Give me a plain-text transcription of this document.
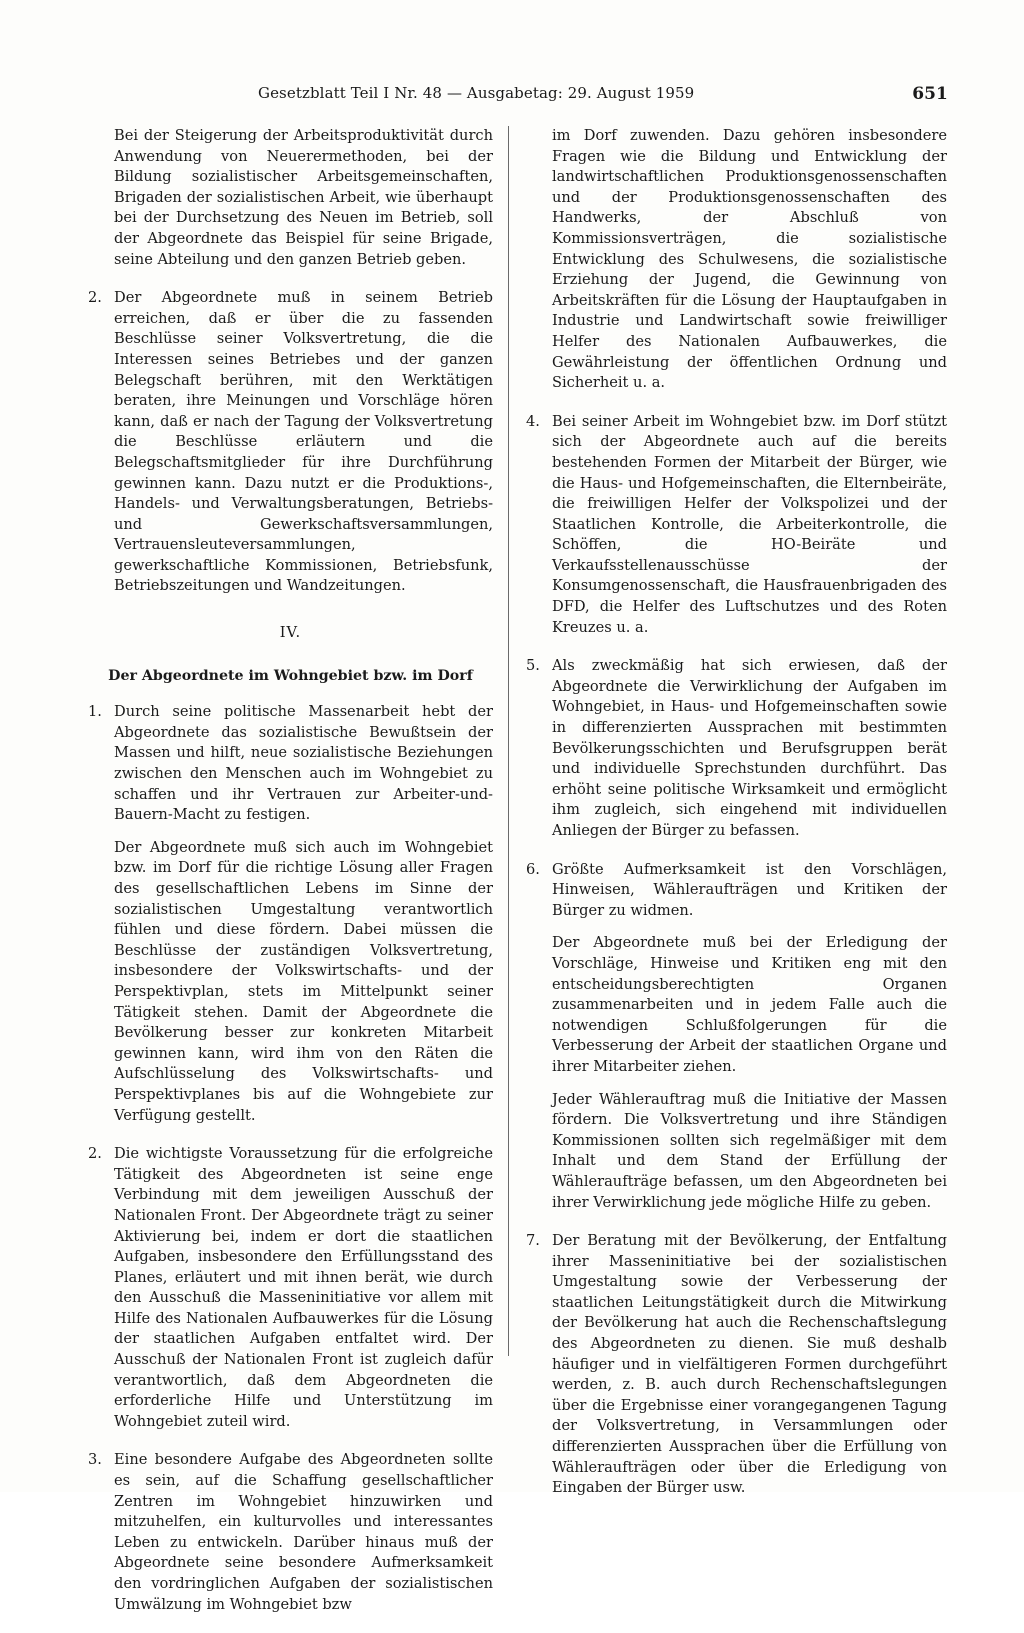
Gesetzblatt Teil I Nr. 48 — Ausgabetag: 29. August 1959	651

Bei der Steigerung der Arbeitsproduktivität durch Anwendung von Neuerermethoden, bei der Bildung sozialistischer Arbeitsgemeinschaften, Brigaden der sozialistischen Arbeit, wie überhaupt bei der Durchsetzung des Neuen im Betrieb, soll der Abgeordnete das Beispiel für seine Brigade, seine Abteilung und den ganzen Betrieb geben.

2. Der Abgeordnete muß in seinem Betrieb erreichen, daß er über die zu fassenden Beschlüsse seiner Volksvertretung, die die Interessen seines Betriebes und der ganzen Belegschaft berühren, mit den Werktätigen beraten, ihre Meinungen und Vorschläge hören kann, daß er nach der Tagung der Volksvertretung die Beschlüsse erläutern und die Belegschaftsmitglieder für ihre Durchführung gewinnen kann. Dazu nutzt er die Produktions-, Handels- und Verwaltungsberatungen, Betriebs- und Gewerkschaftsversammlungen, Vertrauensleuteversammlungen, gewerkschaftliche Kommissionen, Betriebsfunk, Betriebszeitungen und Wandzeitungen.

IV.
Der Abgeordnete im Wohngebiet bzw. im Dorf
1. Durch seine politische Massenarbeit hebt der Abgeordnete das sozialistische Bewußtsein der Massen und hilft, neue sozialistische Beziehungen zwischen den Menschen auch im Wohngebiet zu schaffen und ihr Vertrauen zur Arbeiter-und-Bauern-Macht zu festigen.

Der Abgeordnete muß sich auch im Wohngebiet bzw. im Dorf für die richtige Lösung aller Fragen des gesellschaftlichen Lebens im Sinne der sozialistischen Umgestaltung verantwortlich fühlen und diese fördern. Dabei müssen die Beschlüsse der zuständigen Volksvertretung, insbesondere der Volkswirtschafts- und der Perspektivplan, stets im Mittelpunkt seiner Tätigkeit stehen. Damit der Abgeordnete die Bevölkerung besser zur konkreten Mitarbeit gewinnen kann, wird ihm von den Räten die Aufschlüsselung des Volkswirtschafts- und Perspektivplanes bis auf die Wohngebiete zur Verfügung gestellt.

2. Die wichtigste Voraussetzung für die erfolgreiche Tätigkeit des Abgeordneten ist seine enge Verbindung mit dem jeweiligen Ausschuß der Nationalen Front. Der Abgeordnete trägt zu seiner Aktivierung bei, indem er dort die staatlichen Aufgaben, insbesondere den Erfüllungsstand des Planes, erläutert und mit ihnen berät, wie durch den Ausschuß die Masseninitiative vor allem mit Hilfe des Nationalen Aufbauwerkes für die Lösung der staatlichen Aufgaben entfaltet wird. Der Ausschuß der Nationalen Front ist zugleich dafür verantwortlich, daß dem Abgeordneten die erforderliche Hilfe und Unterstützung im Wohngebiet zuteil wird.

3. Eine besondere Aufgabe des Abgeordneten sollte es sein, auf die Schaffung gesellschaftlicher Zentren im Wohngebiet hinzuwirken und mitzuhelfen, ein kulturvolles und interessantes Leben zu entwickeln. Darüber hinaus muß der Abgeordnete seine besondere Aufmerksamkeit den vordringlichen Aufgaben der sozialistischen Umwälzung im Wohngebiet bzw

im Dorf zuwenden. Dazu gehören insbesondere Fragen wie die Bildung und Entwicklung der landwirtschaftlichen Produktionsgenossenschaften und der Produktionsgenossenschaften des Handwerks, der Abschluß von Kommissionsverträgen, die sozialistische Entwicklung des Schulwesens, die sozialistische Erziehung der Jugend, die Gewinnung von Arbeitskräften für die Lösung der Hauptaufgaben in Industrie und Landwirtschaft sowie freiwilliger Helfer des Nationalen Aufbauwerkes, die Gewährleistung der öffentlichen Ordnung und Sicherheit u. a.

4. Bei seiner Arbeit im Wohngebiet bzw. im Dorf stützt sich der Abgeordnete auch auf die bereits bestehenden Formen der Mitarbeit der Bürger, wie die Haus- und Hofgemeinschaften, die Elternbeiräte, die freiwilligen Helfer der Volkspolizei und der Staatlichen Kontrolle, die Arbeiterkontrolle, die Schöffen, die HO-Beiräte und Verkaufsstellenausschüsse der Konsumgenossenschaft, die Hausfrauenbrigaden des DFD, die Helfer des Luftschutzes und des Roten Kreuzes u. a.

5. Als zweckmäßig hat sich erwiesen, daß der Abgeordnete die Verwirklichung der Aufgaben im Wohngebiet, in Haus- und Hofgemeinschaften sowie in differenzierten Aussprachen mit bestimmten Bevölkerungsschichten und Berufsgruppen berät und individuelle Sprechstunden durchführt. Das erhöht seine politische Wirksamkeit und ermöglicht ihm zugleich, sich eingehend mit individuellen Anliegen der Bürger zu befassen.

6. Größte Aufmerksamkeit ist den Vorschlägen, Hinweisen, Wähleraufträgen und Kritiken der Bürger zu widmen.

Der Abgeordnete muß bei der Erledigung der Vorschläge, Hinweise und Kritiken eng mit den entscheidungsberechtigten Organen zusammenarbeiten und in jedem Falle auch die notwendigen Schlußfolgerungen für die Verbesserung der Arbeit der staatlichen Organe und ihrer Mitarbeiter ziehen.

Jeder Wählerauftrag muß die Initiative der Massen fördern. Die Volksvertretung und ihre Ständigen Kommissionen sollten sich regelmäßiger mit dem Inhalt und dem Stand der Erfüllung der Wähleraufträge befassen, um den Abgeordneten bei ihrer Verwirklichung jede mögliche Hilfe zu geben.

7. Der Beratung mit der Bevölkerung, der Entfaltung ihrer Masseninitiative bei der sozialistischen Umgestaltung sowie der Verbesserung der staatlichen Leitungstätigkeit durch die Mitwirkung der Bevölkerung hat auch die Rechenschaftslegung des Abgeordneten zu dienen. Sie muß deshalb häufiger und in vielfältigeren Formen durchgeführt werden, z. B. auch durch Rechenschaftslegungen über die Ergebnisse einer vorangegangenen Tagung der Volksvertretung, in Versammlungen oder differenzierten Aussprachen über die Erfüllung von Wähleraufträgen oder über die Erledigung von Eingaben der Bürger usw.
